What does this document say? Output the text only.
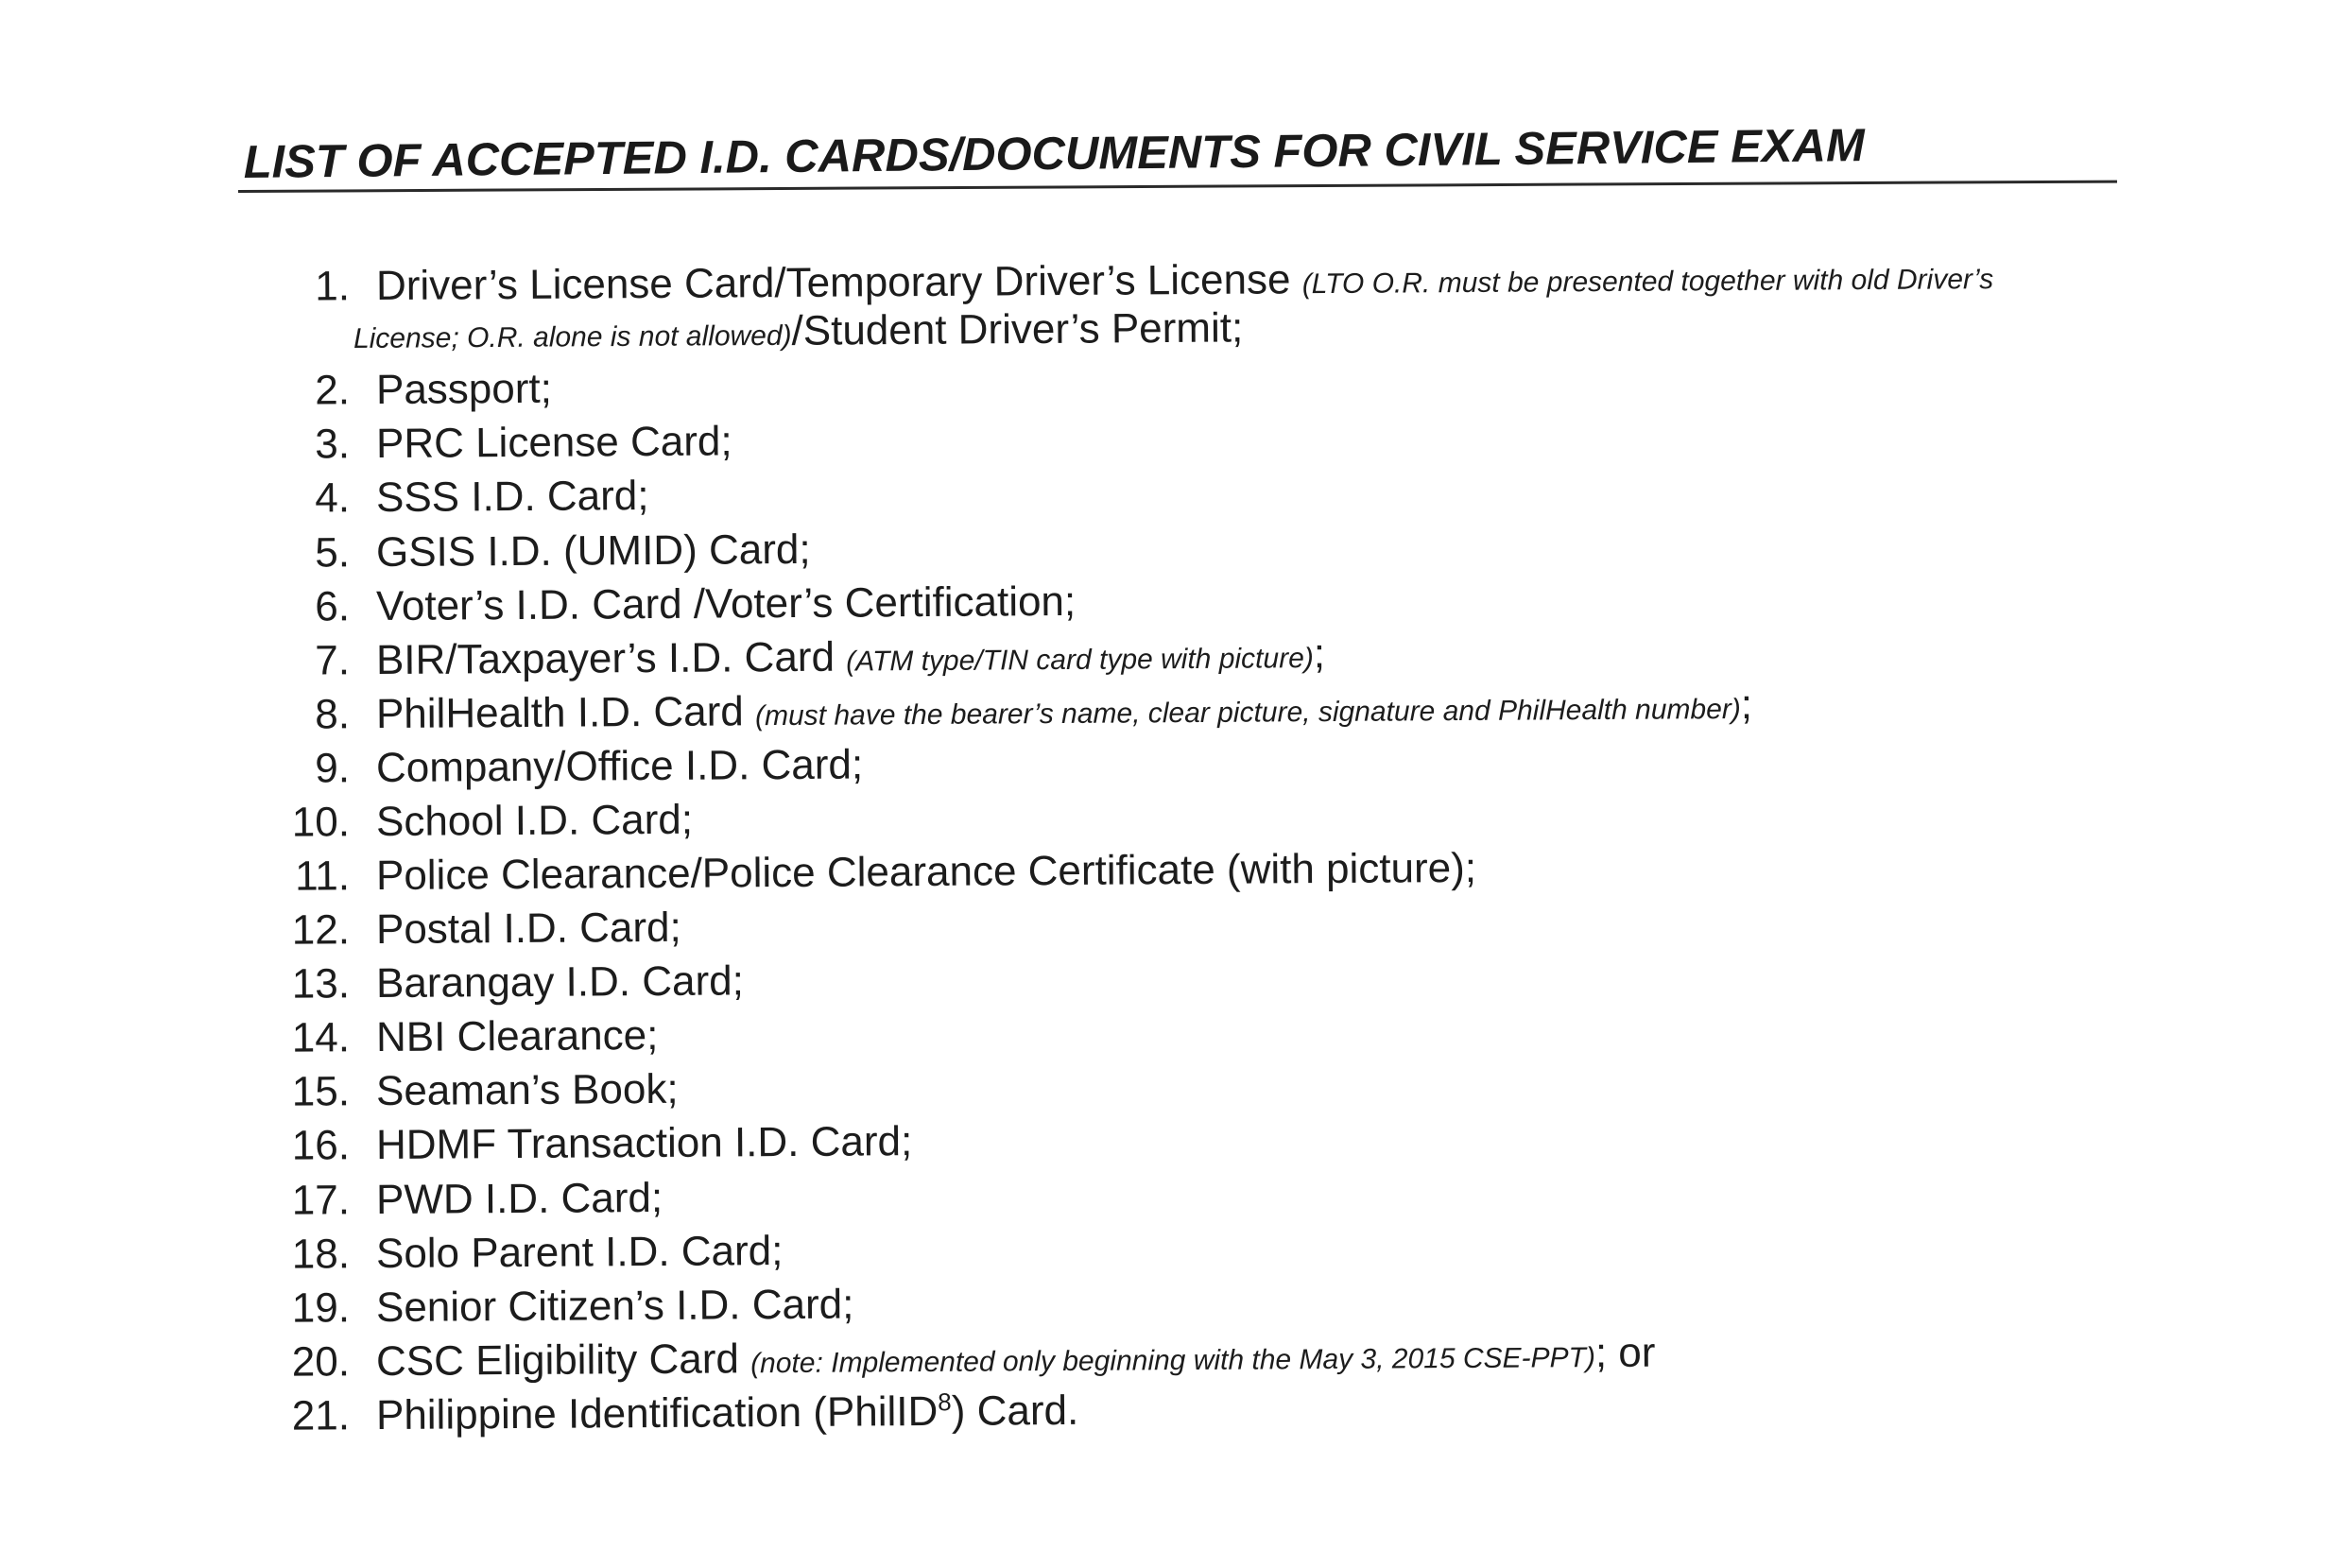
LIST OF ACCEPTED I.D. CARDS/DOCUMENTS FOR CIVIL SERVICE EXAM
1. Driver’s License Card/Temporary Driver’s License (LTO O.R. must be presented together with old Driver’s
License; O.R. alone is not allowed)/Student Driver’s Permit;
2. Passport;
3. PRC License Card;
4. SSS I.D. Card;
5. GSIS I.D. (UMID) Card;
6. Voter’s I.D. Card /Voter’s Certification;
7. BIR/Taxpayer’s I.D. Card (ATM type/TIN card type with picture);
8. PhilHealth I.D. Card (must have the bearer’s name, clear picture, signature and PhilHealth number);
9. Company/Office I.D. Card;
10. School I.D. Card;
11. Police Clearance/Police Clearance Certificate (with picture);
12. Postal I.D. Card;
13. Barangay I.D. Card;
14. NBI Clearance;
15. Seaman’s Book;
16. HDMF Transaction I.D. Card;
17. PWD I.D. Card;
18. Solo Parent I.D. Card;
19. Senior Citizen’s I.D. Card;
20. CSC Eligibility Card (note: Implemented only beginning with the May 3, 2015 CSE-PPT); or
21. Philippine Identification (PhilID$^8$) Card.
